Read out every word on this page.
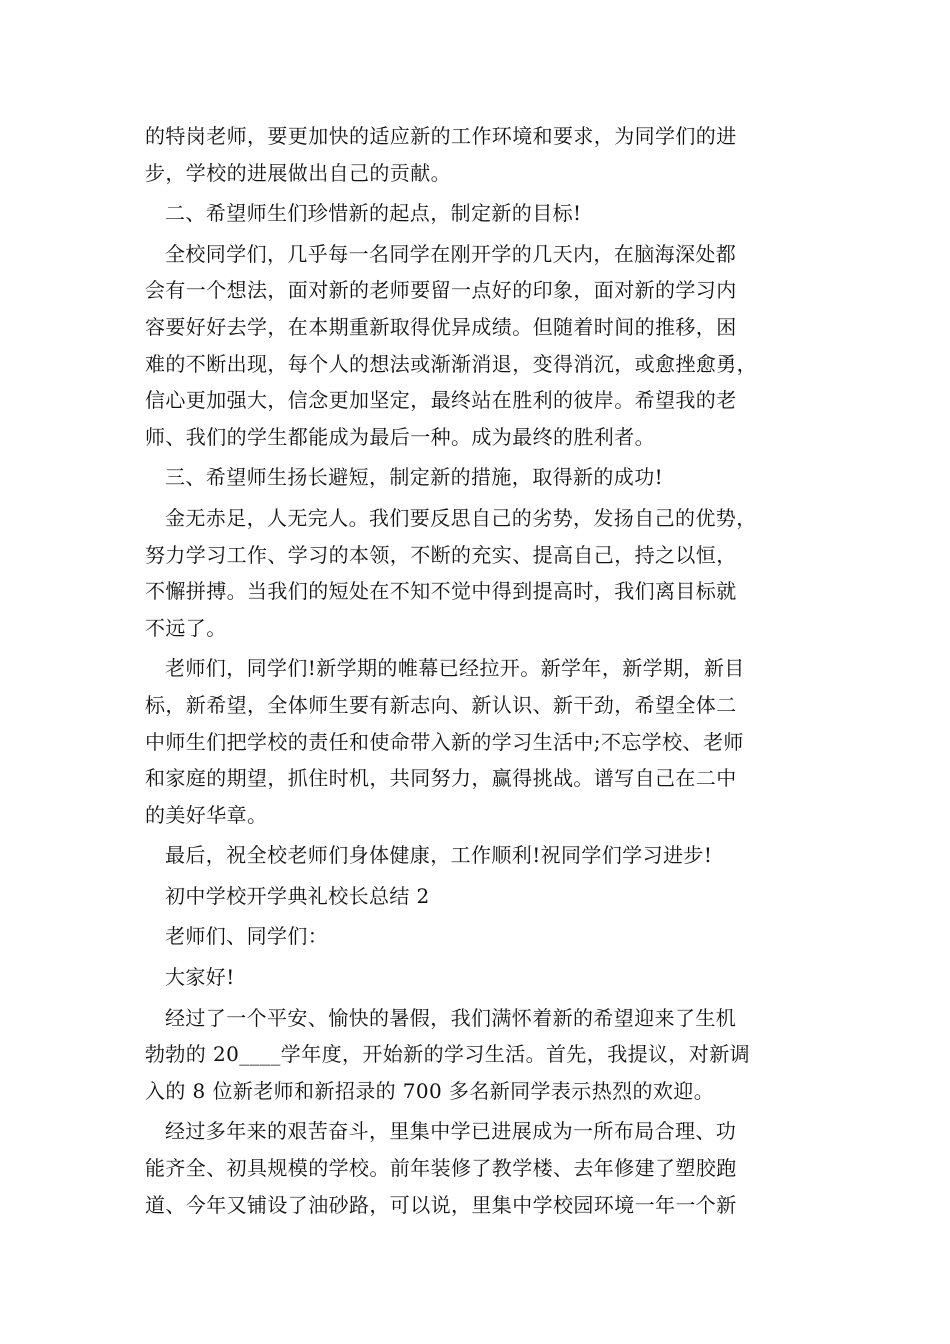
的特岗老师，要更加快的适应新的工作环境和要求，为同学们的进
步，学校的进展做出自己的贡献。

二、希望师生们珍惜新的起点，制定新的目标!

全校同学们，几乎每一名同学在刚开学的几天内，在脑海深处都
会有一个想法，面对新的老师要留一点好的印象，面对新的学习内
容要好好去学，在本期重新取得优异成绩。但随着时间的推移，困
难的不断出现，每个人的想法或渐渐消退，变得消沉，或愈挫愈勇，
信心更加强大，信念更加坚定，最终站在胜利的彼岸。希望我的老
师、我们的学生都能成为最后一种。成为最终的胜利者。

三、希望师生扬长避短，制定新的措施，取得新的成功!

金无赤足，人无完人。我们要反思自己的劣势，发扬自己的优势，
努力学习工作、学习的本领，不断的充实、提高自己，持之以恒，
不懈拼搏。当我们的短处在不知不觉中得到提高时，我们离目标就
不远了。

老师们，同学们!新学期的帷幕已经拉开。新学年，新学期，新目
标，新希望，全体师生要有新志向、新认识、新干劲，希望全体二
中师生们把学校的责任和使命带入新的学习生活中;不忘学校、老师
和家庭的期望，抓住时机，共同努力，赢得挑战。谱写自己在二中
的美好华章。

最后，祝全校老师们身体健康，工作顺利!祝同学们学习进步!

初中学校开学典礼校长总结 2

老师们、同学们：

大家好!

经过了一个平安、愉快的暑假，我们满怀着新的希望迎来了生机
勃勃的 20____学年度，开始新的学习生活。首先，我提议，对新调
入的 8 位新老师和新招录的 700 多名新同学表示热烈的欢迎。

经过多年来的艰苦奋斗，里集中学已进展成为一所布局合理、功
能齐全、初具规模的学校。前年装修了教学楼、去年修建了塑胶跑
道、今年又铺设了油砂路，可以说，里集中学校园环境一年一个新
